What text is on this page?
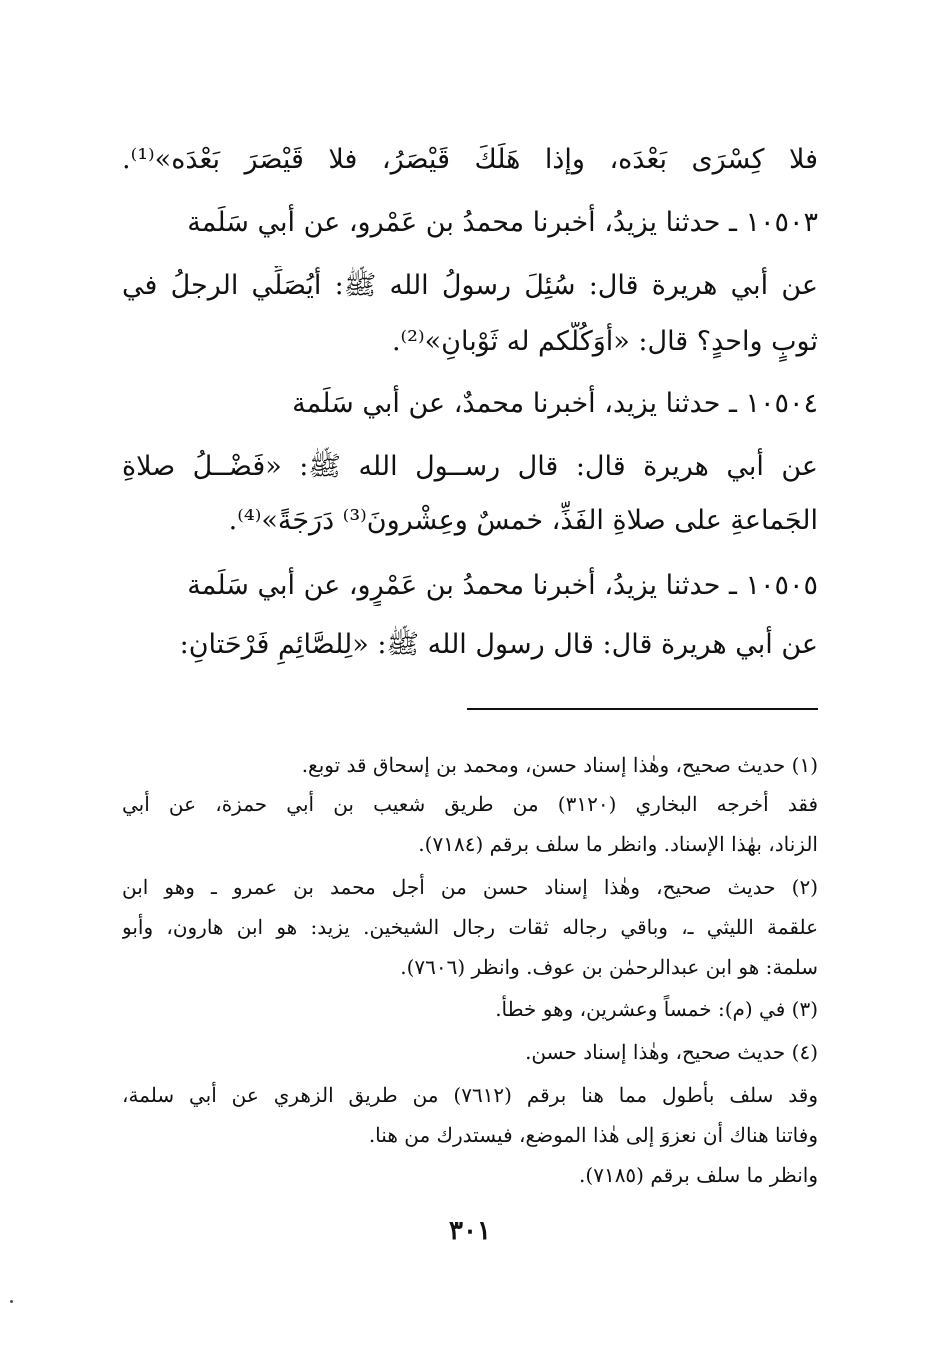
فلا كِسْرَى بَعْدَه، وإذا هَلَكَ قَيْصَرُ، فلا قَيْصَرَ بَعْدَه»⁽¹⁾.
١٠٥٠٣ ـ حدثنا يزيدُ، أخبرنا محمدُ بن عَمْرو، عن أبي سَلَمة
عن أبي هريرة قال: سُئِلَ رسولُ الله ﷺ: أَيُصَلِّي الرجلُ في
ثوبٍ واحدٍ؟ قال: «أَوَكُلُّكم له ثَوْبانِ»⁽²⁾.
١٠٥٠٤ ـ حدثنا يزيد، أخبرنا محمدٌ، عن أبي سَلَمة
عن أبي هريرة قال: قال رســول الله ﷺ: «فَضْــلُ صلاةِ
الجَماعةِ على صلاةِ الفَذِّ، خمسٌ وعِشْرونَ⁽³⁾ دَرَجَةً»⁽⁴⁾.
١٠٥٠٥ ـ حدثنا يزيدُ، أخبرنا محمدُ بن عَمْرٍو، عن أبي سَلَمة
عن أبي هريرة قال: قال رسول الله ﷺ: «لِلصَّائِمِ فَرْحَتانِ:
(١) حديث صحيح، وهٰذا إسناد حسن، ومحمد بن إسحاق قد توبع.
فقد أخرجه البخاري (٣١٢٠) من طريق شعيب بن أبي حمزة، عن أبي
الزناد، بهٰذا الإسناد. وانظر ما سلف برقم (٧١٨٤).
(٢) حديث صحيح، وهٰذا إسناد حسن من أجل محمد بن عمرو ـ وهو ابن
علقمة الليثي ـ، وباقي رجاله ثقات رجال الشيخين. يزيد: هو ابن هارون، وأبو
سلمة: هو ابن عبدالرحمٰن بن عوف. وانظر (٧٦٠٦).
(٣) في (م): خمساً وعشرين، وهو خطأ.
(٤) حديث صحيح، وهٰذا إسناد حسن.
وقد سلف بأطول مما هنا برقم (٧٦١٢) من طريق الزهري عن أبي سلمة،
وفاتنا هناك أن نعزوَ إلى هٰذا الموضع، فيستدرك من هنا.
وانظر ما سلف برقم (٧١٨٥).
٣٠١
